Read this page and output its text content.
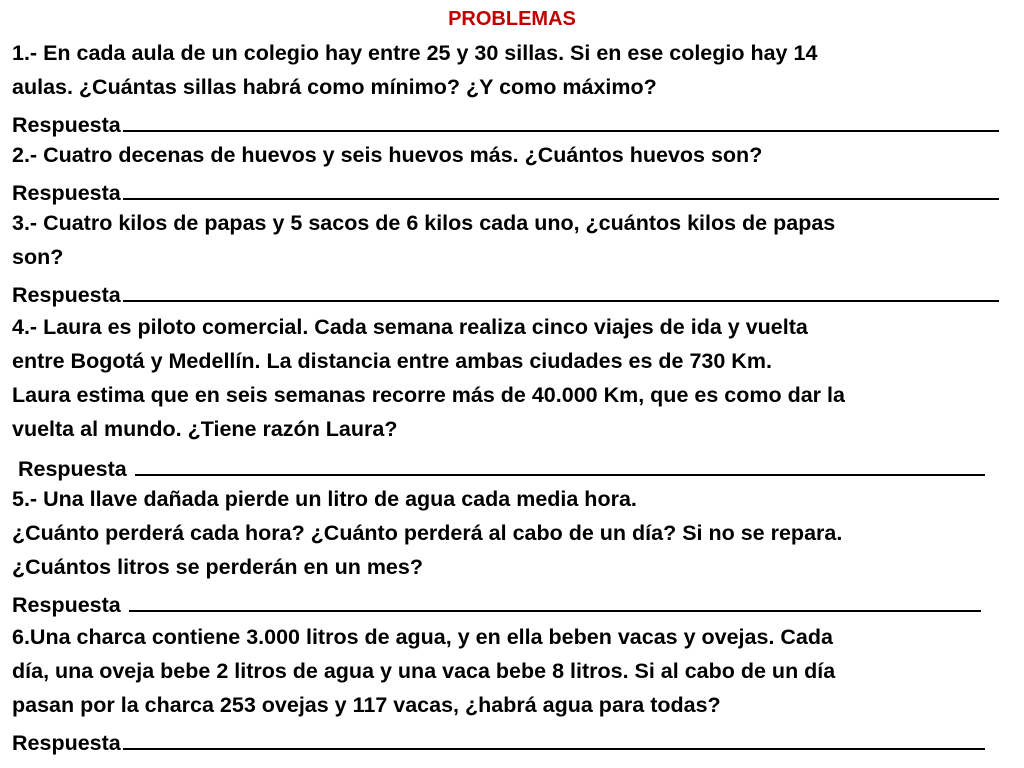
PROBLEMAS

1.- En cada aula de un colegio hay entre 25 y 30 sillas. Si en ese colegio hay 14

aulas. ¿Cuántas sillas habrá como mínimo? ¿Y como máximo?

Respuesta

2.- Cuatro decenas de huevos y seis huevos más. ¿Cuántos huevos son?

Respuesta

3.- Cuatro kilos de papas y 5 sacos de 6 kilos cada uno, ¿cuántos kilos de papas

son?

Respuesta

4.- Laura es piloto comercial. Cada semana realiza cinco viajes de ida y vuelta

entre Bogotá y Medellín. La distancia entre ambas ciudades es de 730 Km.

Laura estima que en seis semanas recorre más de 40.000 Km, que es como dar la

vuelta al mundo. ¿Tiene razón Laura?

Respuesta

5.- Una llave dañada pierde un litro de agua cada media hora.

¿Cuánto perderá cada hora? ¿Cuánto perderá al cabo de un día? Si no se repara.

¿Cuántos litros se perderán en un mes?

Respuesta

6.Una charca contiene 3.000 litros de agua, y en ella beben vacas y ovejas. Cada

día, una oveja bebe 2 litros de agua y una vaca bebe 8 litros. Si al cabo de un día

pasan por la charca 253 ovejas y 117 vacas, ¿habrá agua para todas?

Respuesta
